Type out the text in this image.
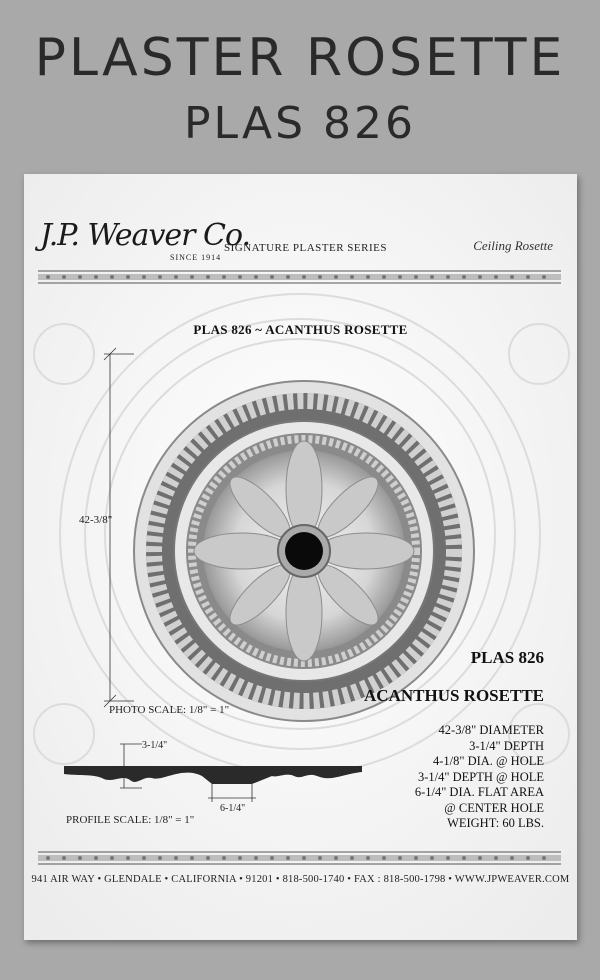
PLASTER ROSETTE
PLAS 826
J.P. Weaver Co.
SINCE 1914
SIGNATURE PLASTER SERIES	Ceiling Rosette
PLAS 826 ~ ACANTHUS ROSETTE
42-3/8"
PHOTO SCALE: 1/8" = 1"
PLAS 826
ACANTHUS ROSETTE
42-3/8" DIAMETER
3-1/4" DEPTH
4-1/8" DIA. @ HOLE
3-1/4" DEPTH @ HOLE
6-1/4" DIA. FLAT AREA
@ CENTER HOLE
WEIGHT: 60 LBS.
3-1/4"
6-1/4"
PROFILE SCALE: 1/8" = 1"
941 AIR WAY • GLENDALE • CALIFORNIA • 91201 • 818-500-1740 • FAX : 818-500-1798 • WWW.JPWEAVER.COM
